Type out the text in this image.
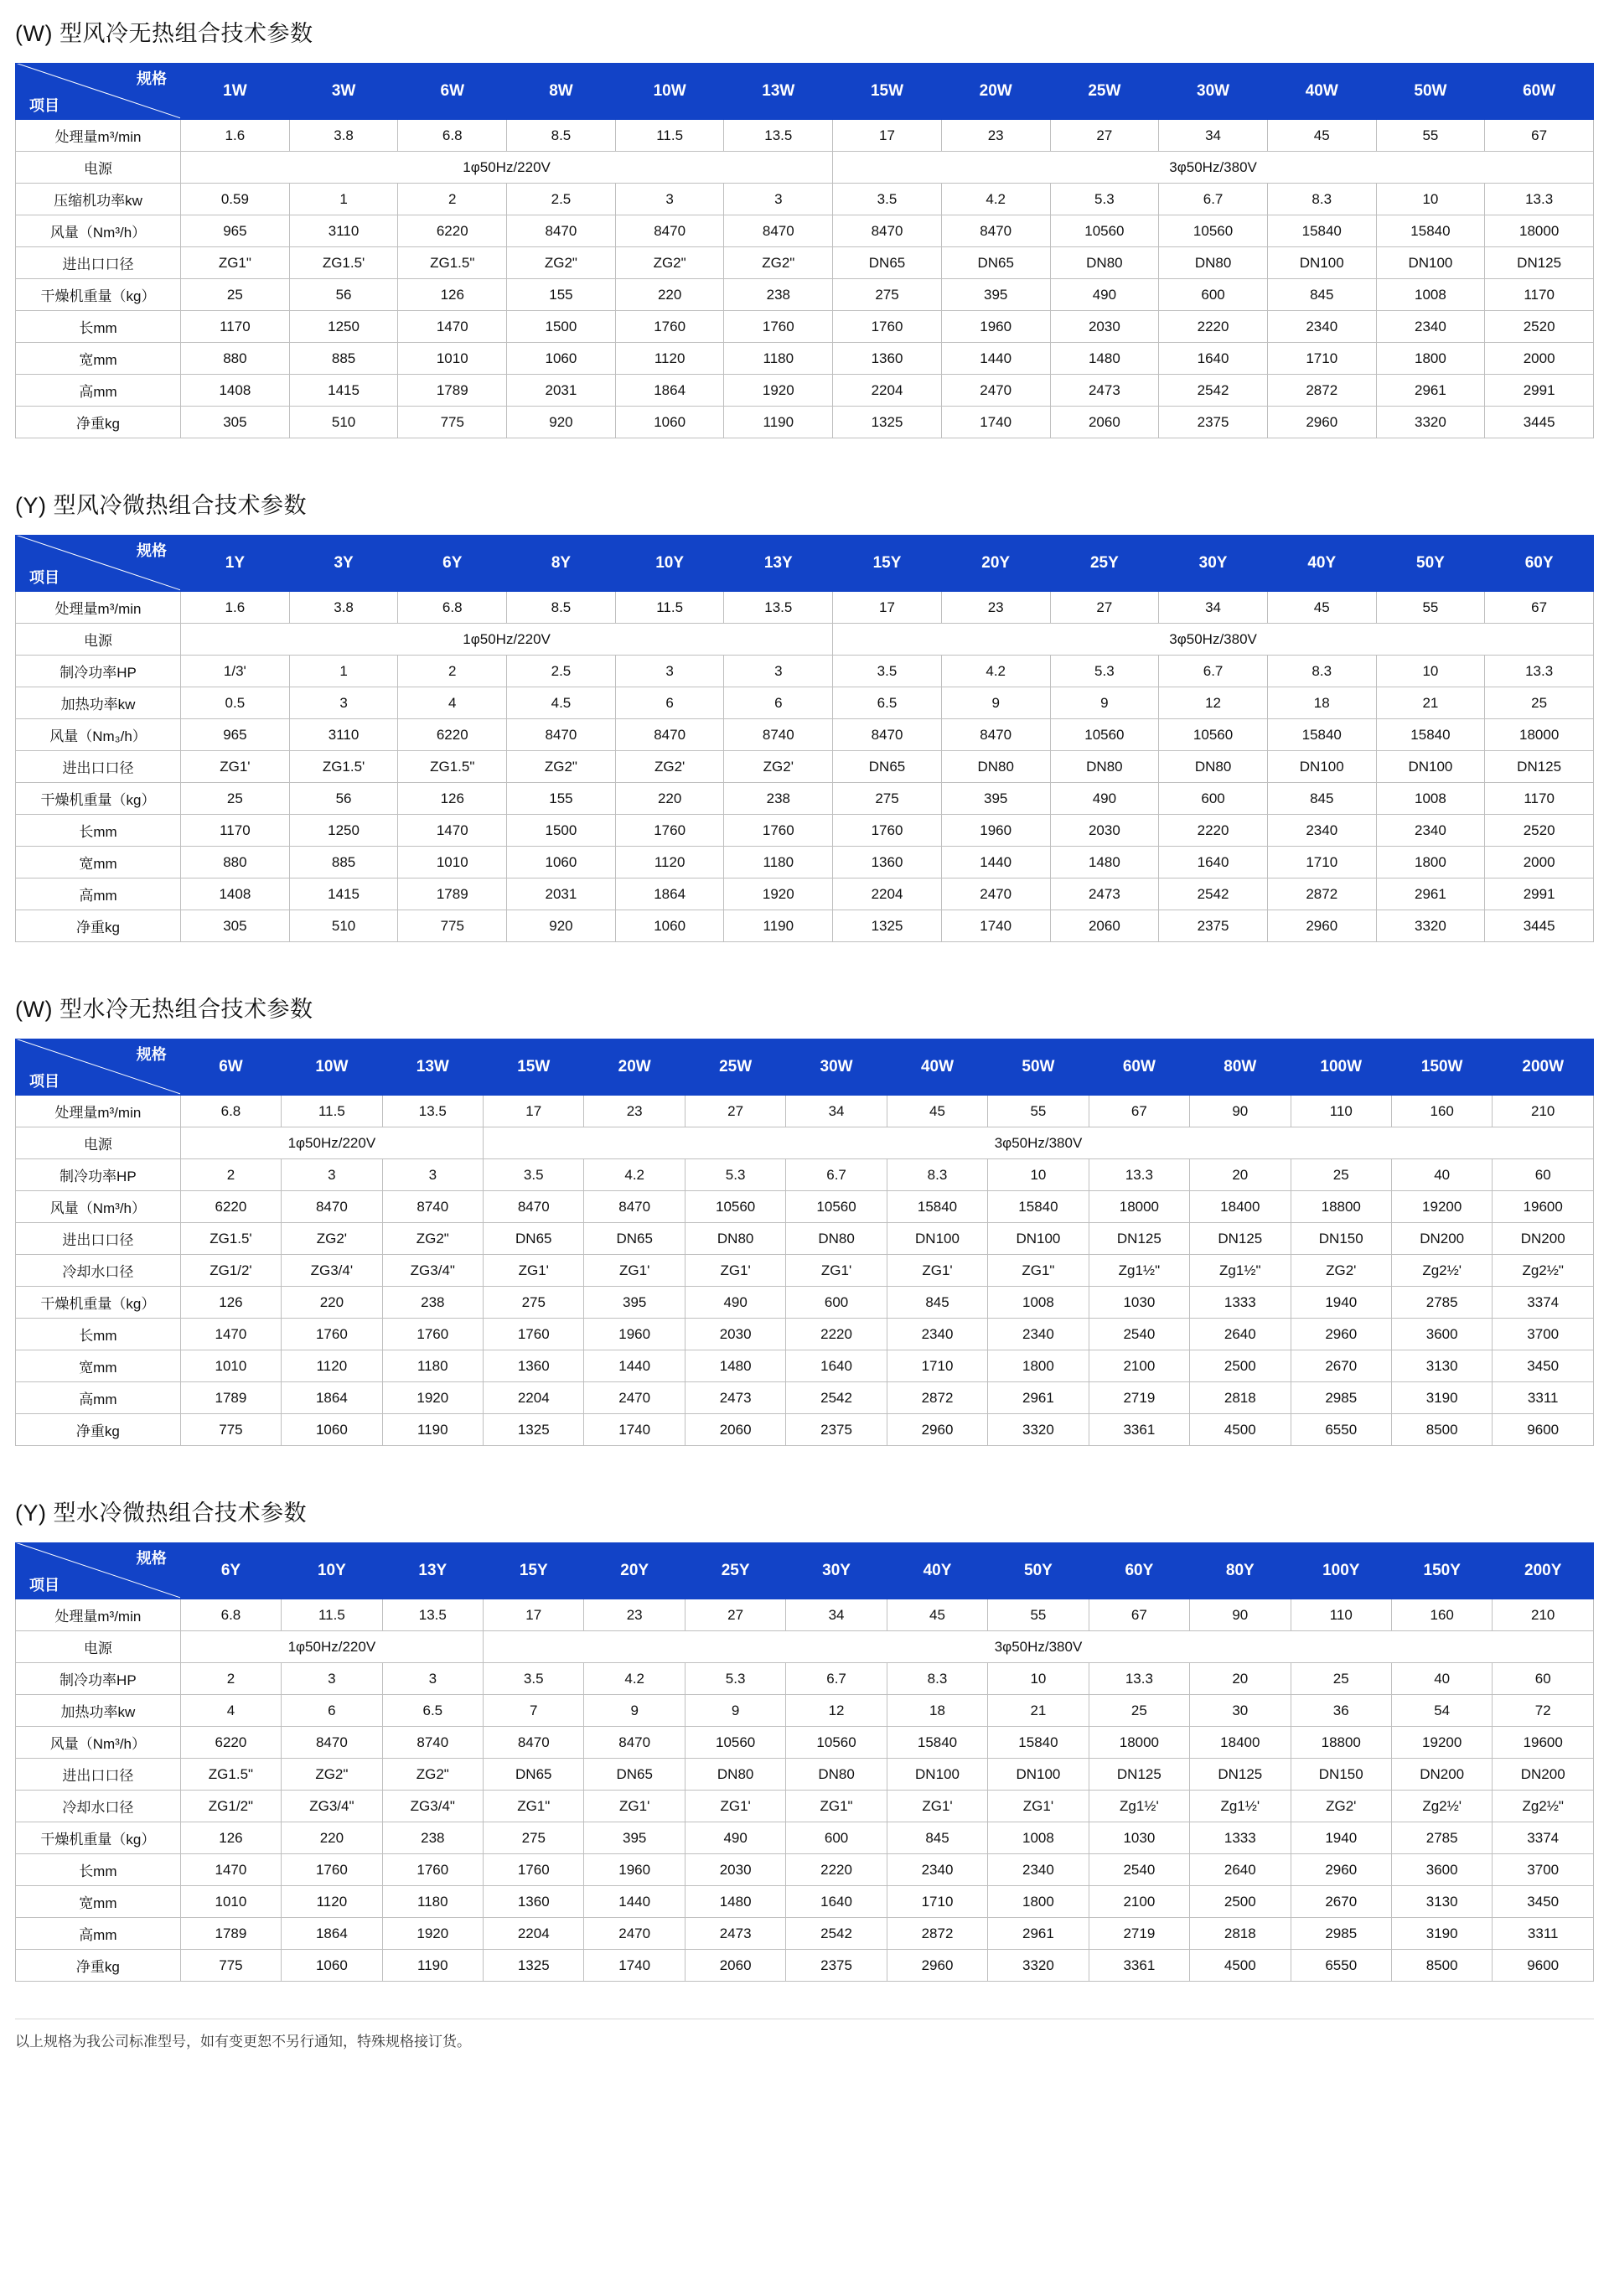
(W) 型风冷无热组合技术参数
规格
项目	1W	3W	6W	8W	10W	13W	15W	20W	25W	30W	40W	50W	60W
处理量m³/min	1.6	3.8	6.8	8.5	11.5	13.5	17	23	27	34	45	55	67
电源	1φ50Hz/220V						3φ50Hz/380V						
压缩机功率kw	0.59	1	2	2.5	3	3	3.5	4.2	5.3	6.7	8.3	10	13.3
风量（Nm³/h）	965	3110	6220	8470	8470	8470	8470	8470	10560	10560	15840	15840	18000
进出口口径	ZG1"	ZG1.5'	ZG1.5"	ZG2"	ZG2"	ZG2"	DN65	DN65	DN80	DN80	DN100	DN100	DN125
干燥机重量（kg）	25	56	126	155	220	238	275	395	490	600	845	1008	1170
长mm	1170	1250	1470	1500	1760	1760	1760	1960	2030	2220	2340	2340	2520
宽mm	880	885	1010	1060	1120	1180	1360	1440	1480	1640	1710	1800	2000
高mm	1408	1415	1789	2031	1864	1920	2204	2470	2473	2542	2872	2961	2991
净重kg	305	510	775	920	1060	1190	1325	1740	2060	2375	2960	3320	3445
(Y) 型风冷微热组合技术参数
规格
项目	1Y	3Y	6Y	8Y	10Y	13Y	15Y	20Y	25Y	30Y	40Y	50Y	60Y
处理量m³/min	1.6	3.8	6.8	8.5	11.5	13.5	17	23	27	34	45	55	67
电源	1φ50Hz/220V						3φ50Hz/380V						
制冷功率HP	1/3'	1	2	2.5	3	3	3.5	4.2	5.3	6.7	8.3	10	13.3
加热功率kw	0.5	3	4	4.5	6	6	6.5	9	9	12	18	21	25
风量（Nm₃/h）	965	3110	6220	8470	8470	8740	8470	8470	10560	10560	15840	15840	18000
进出口口径	ZG1'	ZG1.5'	ZG1.5"	ZG2"	ZG2'	ZG2'	DN65	DN80	DN80	DN80	DN100	DN100	DN125
干燥机重量（kg）	25	56	126	155	220	238	275	395	490	600	845	1008	1170
长mm	1170	1250	1470	1500	1760	1760	1760	1960	2030	2220	2340	2340	2520
宽mm	880	885	1010	1060	1120	1180	1360	1440	1480	1640	1710	1800	2000
高mm	1408	1415	1789	2031	1864	1920	2204	2470	2473	2542	2872	2961	2991
净重kg	305	510	775	920	1060	1190	1325	1740	2060	2375	2960	3320	3445
(W) 型水冷无热组合技术参数
规格
项目	6W	10W	13W	15W	20W	25W	30W	40W	50W	60W	80W	100W	150W	200W
处理量m³/min	6.8	11.5	13.5	17	23	27	34	45	55	67	90	110	160	210
电源	1φ50Hz/220V			3φ50Hz/380V										
制冷功率HP	2	3	3	3.5	4.2	5.3	6.7	8.3	10	13.3	20	25	40	60
风量（Nm³/h）	6220	8470	8740	8470	8470	10560	10560	15840	15840	18000	18400	18800	19200	19600
进出口口径	ZG1.5'	ZG2'	ZG2"	DN65	DN65	DN80	DN80	DN100	DN100	DN125	DN125	DN150	DN200	DN200
冷却水口径	ZG1/2'	ZG3/4'	ZG3/4"	ZG1'	ZG1'	ZG1'	ZG1'	ZG1'	ZG1"	Zg1½"	Zg1½"	ZG2'	Zg2½'	Zg2½"
干燥机重量（kg）	126	220	238	275	395	490	600	845	1008	1030	1333	1940	2785	3374
长mm	1470	1760	1760	1760	1960	2030	2220	2340	2340	2540	2640	2960	3600	3700
宽mm	1010	1120	1180	1360	1440	1480	1640	1710	1800	2100	2500	2670	3130	3450
高mm	1789	1864	1920	2204	2470	2473	2542	2872	2961	2719	2818	2985	3190	3311
净重kg	775	1060	1190	1325	1740	2060	2375	2960	3320	3361	4500	6550	8500	9600
(Y) 型水冷微热组合技术参数
规格
项目	6Y	10Y	13Y	15Y	20Y	25Y	30Y	40Y	50Y	60Y	80Y	100Y	150Y	200Y
处理量m³/min	6.8	11.5	13.5	17	23	27	34	45	55	67	90	110	160	210
电源	1φ50Hz/220V			3φ50Hz/380V										
制冷功率HP	2	3	3	3.5	4.2	5.3	6.7	8.3	10	13.3	20	25	40	60
加热功率kw	4	6	6.5	7	9	9	12	18	21	25	30	36	54	72
风量（Nm³/h）	6220	8470	8740	8470	8470	10560	10560	15840	15840	18000	18400	18800	19200	19600
进出口口径	ZG1.5"	ZG2"	ZG2"	DN65	DN65	DN80	DN80	DN100	DN100	DN125	DN125	DN150	DN200	DN200
冷却水口径	ZG1/2"	ZG3/4"	ZG3/4"	ZG1"	ZG1'	ZG1'	ZG1"	ZG1'	ZG1'	Zg1½'	Zg1½'	ZG2'	Zg2½'	Zg2½"
干燥机重量（kg）	126	220	238	275	395	490	600	845	1008	1030	1333	1940	2785	3374
长mm	1470	1760	1760	1760	1960	2030	2220	2340	2340	2540	2640	2960	3600	3700
宽mm	1010	1120	1180	1360	1440	1480	1640	1710	1800	2100	2500	2670	3130	3450
高mm	1789	1864	1920	2204	2470	2473	2542	2872	2961	2719	2818	2985	3190	3311
净重kg	775	1060	1190	1325	1740	2060	2375	2960	3320	3361	4500	6550	8500	9600
以上规格为我公司标准型号，如有变更恕不另行通知，特殊规格接订货。
